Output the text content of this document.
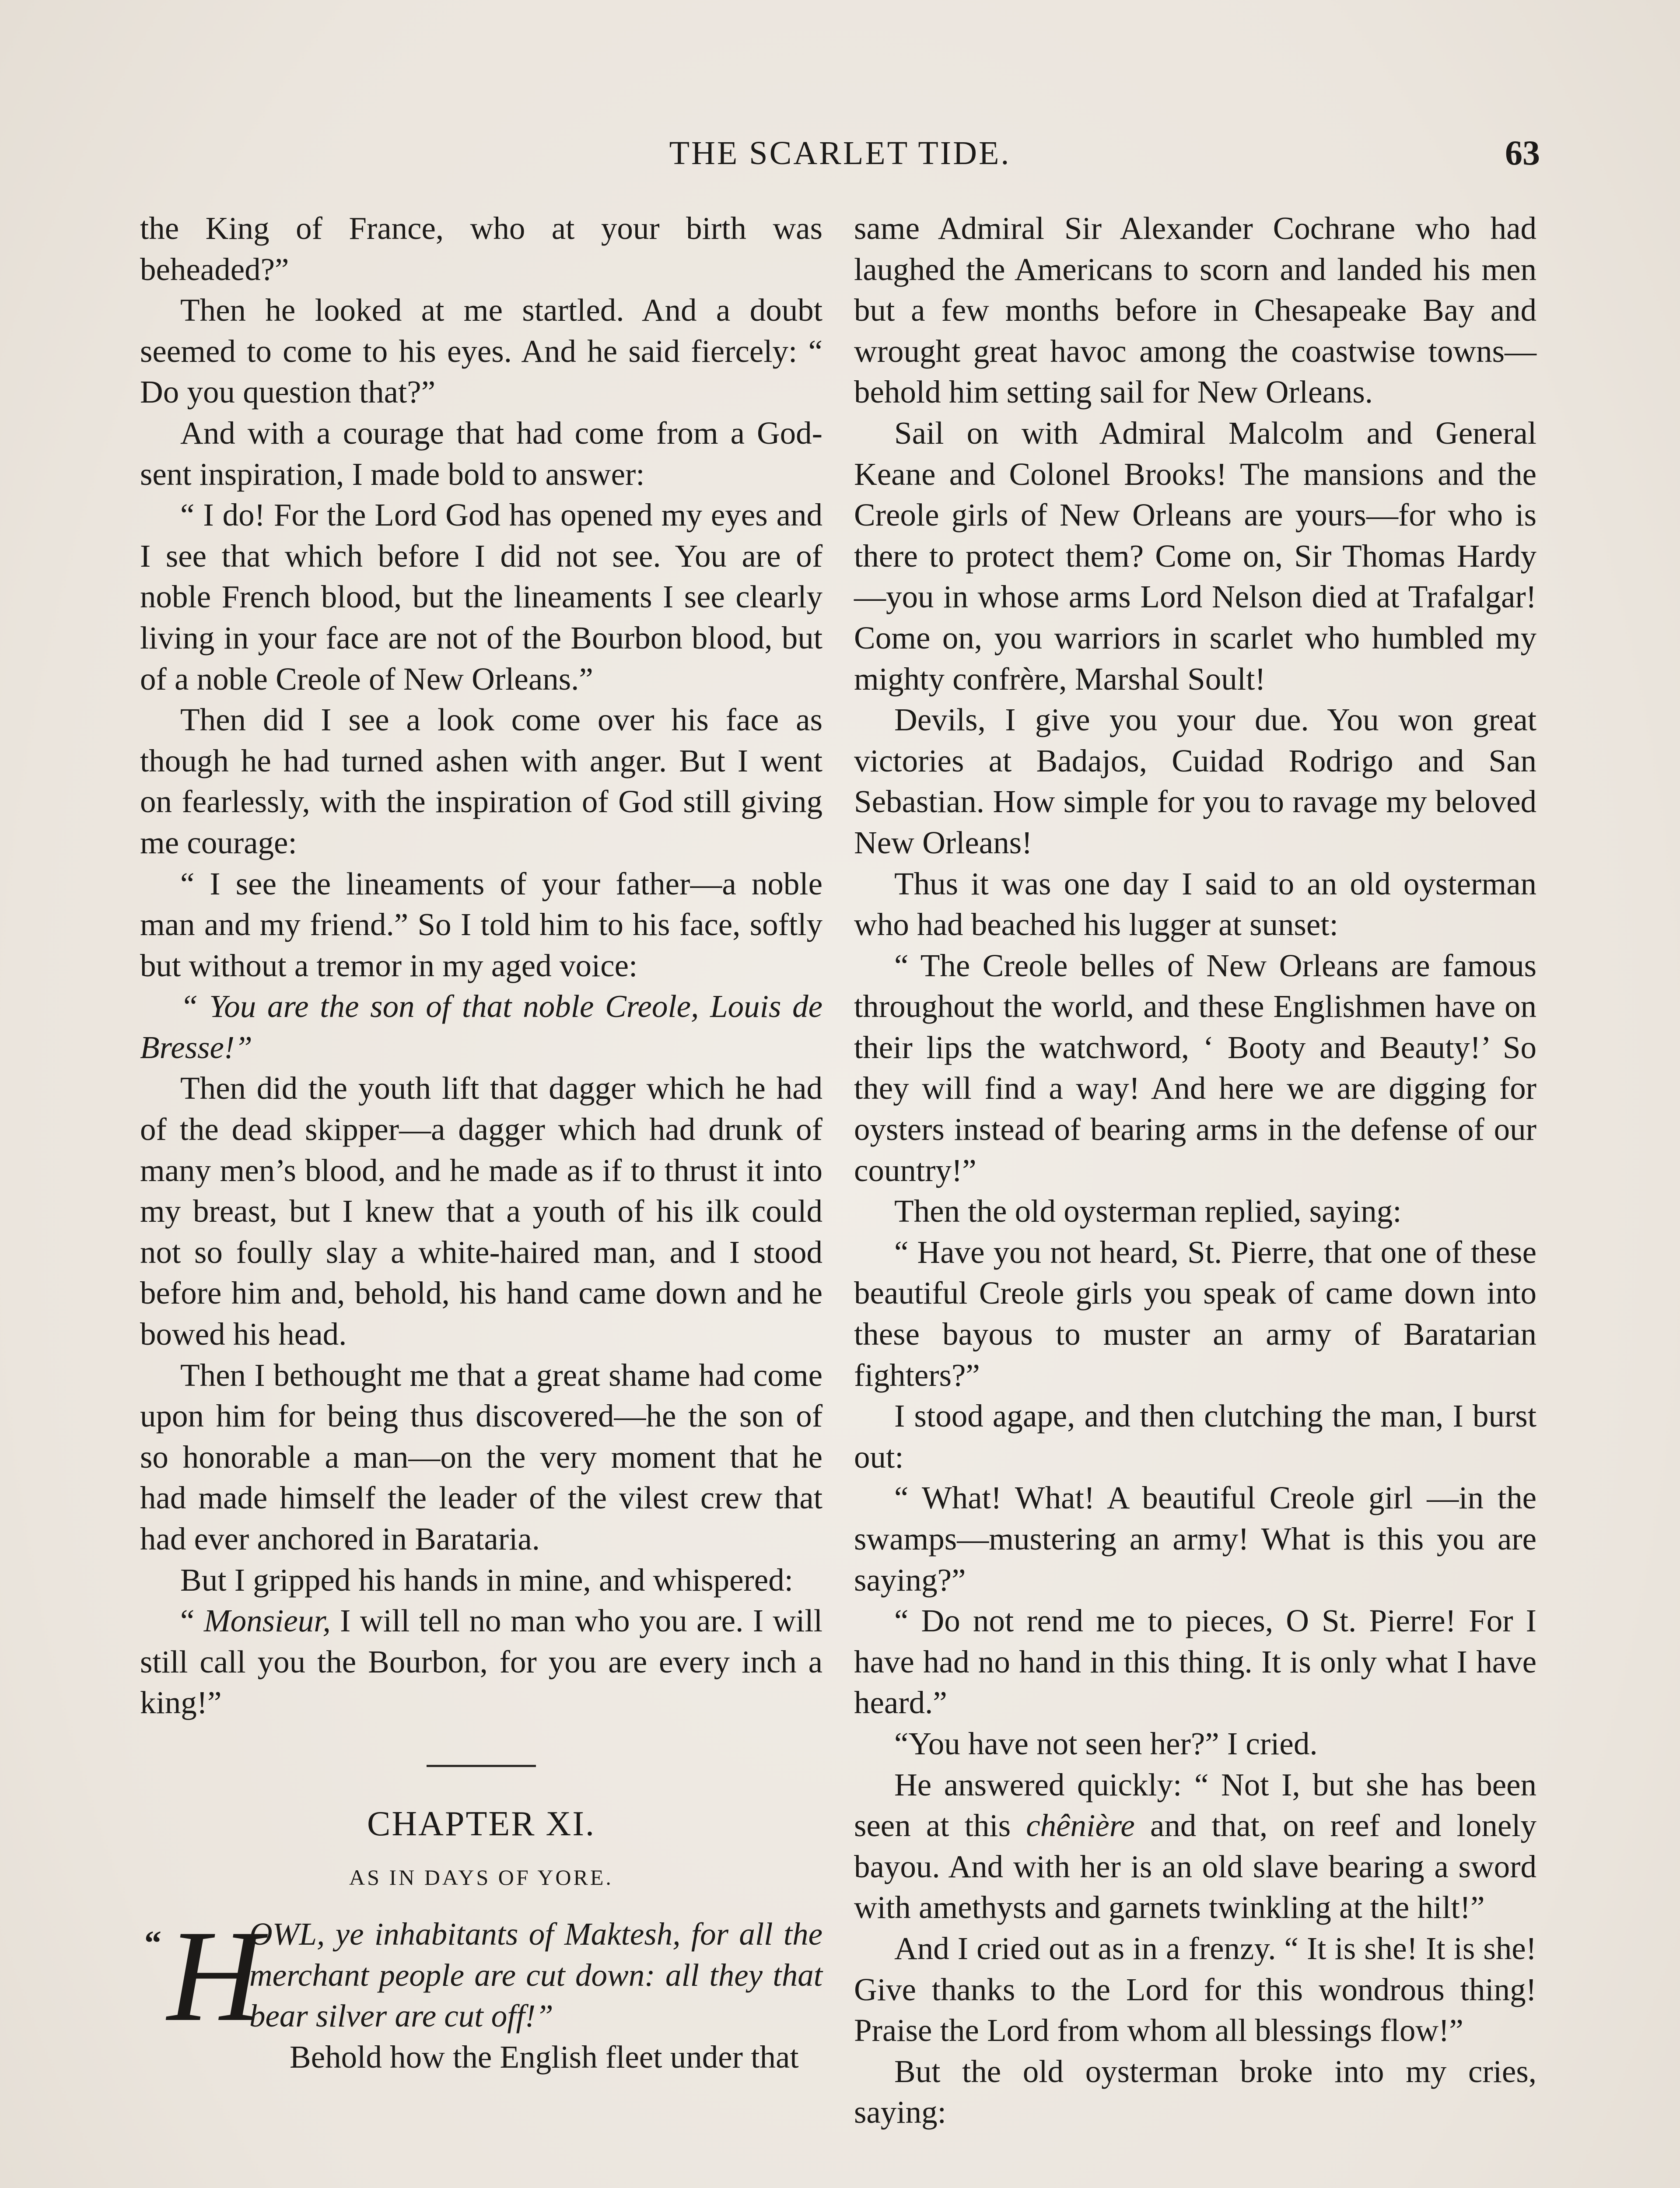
THE SCARLET TIDE.	63

the King of France, who at your birth was beheaded?”

Then he looked at me startled. And a doubt seemed to come to his eyes. And he said fiercely: “ Do you question that?”

And with a courage that had come from a God-sent inspiration, I made bold to answer:

“ I do! For the Lord God has opened my eyes and I see that which before I did not see. You are of noble French blood, but the lineaments I see clearly living in your face are not of the Bourbon blood, but of a noble Creole of New Orleans.”

Then did I see a look come over his face as though he had turned ashen with anger. But I went on fearlessly, with the inspiration of God still giving me courage:

“ I see the lineaments of your father—a noble man and my friend.” So I told him to his face, softly but without a tremor in my aged voice:

“ You are the son of that noble Creole, Louis de Bresse!”

Then did the youth lift that dagger which he had of the dead skipper—a dagger which had drunk of many men’s blood, and he made as if to thrust it into my breast, but I knew that a youth of his ilk could not so foully slay a white-haired man, and I stood before him and, behold, his hand came down and he bowed his head.

Then I bethought me that a great shame had come upon him for being thus discovered—he the son of so honorable a man—on the very moment that he had made himself the leader of the vilest crew that had ever anchored in Barataria.

But I gripped his hands in mine, and whispered:

“ Monsieur, I will tell no man who you are. I will still call you the Bourbon, for you are every inch a king!”

CHAPTER XI.
AS IN DAYS OF YORE.

“ H
OWL, ye inhabitants of Maktesh, for all the merchant people are cut down: all they that bear silver are cut off!”

Behold how the English fleet under that

same Admiral Sir Alexander Cochrane who had laughed the Americans to scorn and landed his men but a few months before in Chesapeake Bay and wrought great havoc among the coastwise towns—behold him setting sail for New Orleans.

Sail on with Admiral Malcolm and General Keane and Colonel Brooks! The mansions and the Creole girls of New Orleans are yours—for who is there to protect them? Come on, Sir Thomas Hardy—you in whose arms Lord Nelson died at Trafalgar! Come on, you warriors in scarlet who humbled my mighty confrère, Marshal Soult!

Devils, I give you your due. You won great victories at Badajos, Cuidad Rodrigo and San Sebastian. How simple for you to ravage my beloved New Orleans!

Thus it was one day I said to an old oysterman who had beached his lugger at sunset:

“ The Creole belles of New Orleans are famous throughout the world, and these Englishmen have on their lips the watchword, ‘ Booty and Beauty!’ So they will find a way! And here we are digging for oysters instead of bearing arms in the defense of our country!”

Then the old oysterman replied, saying:

“ Have you not heard, St. Pierre, that one of these beautiful Creole girls you speak of came down into these bayous to muster an army of Baratarian fighters?”

I stood agape, and then clutching the man, I burst out:

“ What! What! A beautiful Creole girl —in the swamps—mustering an army! What is this you are saying?”

“ Do not rend me to pieces, O St. Pierre! For I have had no hand in this thing. It is only what I have heard.”

“You have not seen her?” I cried.

He answered quickly: “ Not I, but she has been seen at this chênière and that, on reef and lonely bayou. And with her is an old slave bearing a sword with amethysts and garnets twinkling at the hilt!”

And I cried out as in a frenzy. “ It is she! It is she! Give thanks to the Lord for this wondrous thing! Praise the Lord from whom all blessings flow!”

But the old oysterman broke into my cries, saying:
